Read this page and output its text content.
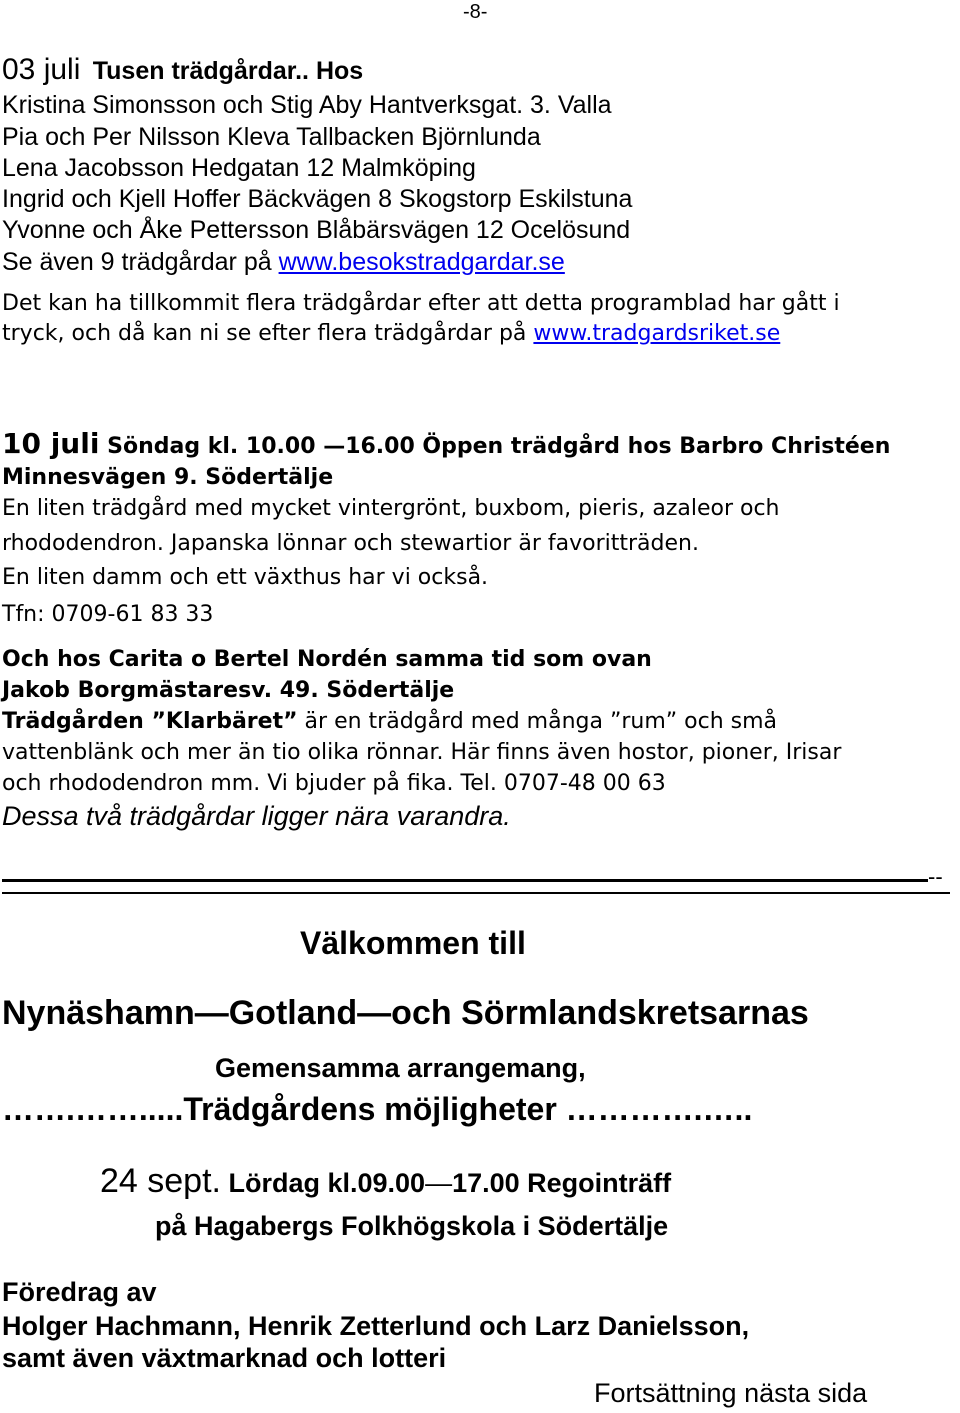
-8-
03 juli Tusen trädgårdar.. Hos
Kristina Simonsson och Stig Aby Hantverksgat. 3. Valla
Pia och Per Nilsson Kleva Tallbacken Björnlunda
Lena Jacobsson Hedgatan 12 Malmköping
Ingrid och Kjell Hoffer Bäckvägen 8 Skogstorp Eskilstuna
Yvonne och Åke Pettersson Blåbärsvägen 12 Ocelösund
Se även 9 trädgårdar på www.besokstradgardar.se
Det kan ha tillkommit flera trädgårdar efter att detta programblad har gått i
tryck, och då kan ni se efter flera trädgårdar på www.tradgardsriket.se
10 juli Söndag kl. 10.00 —16.00 Öppen trädgård hos Barbro Christéen
Minnesvägen 9. Södertälje
En liten trädgård med mycket vintergrönt, buxbom, pieris, azaleor och
rhododendron. Japanska lönnar och stewartior är favoritträden.
En liten damm och ett växthus har vi också.
Tfn: 0709-61 83 33
Och hos Carita o Bertel Nordén samma tid som ovan
Jakob Borgmästaresv. 49. Södertälje
Trädgården ”Klarbäret” är en trädgård med många ”rum” och små
vattenblänk och mer än tio olika rönnar. Här finns även hostor, pioner, Irisar
och rhododendron mm. Vi bjuder på fika. Tel. 0707-48 00 63
Dessa två trädgårdar ligger nära varandra.
--
Välkommen till
Nynäshamn—Gotland—och Sörmlandskretsarnas
Gemensamma arrangemang,
…….…….....Trädgårdens möjligheter ………….…..
24 sept. Lördag kl.09.00—17.00 Regointräff
på Hagabergs Folkhögskola i Södertälje
Föredrag av
Holger Hachmann, Henrik Zetterlund och Larz Danielsson,
samt även växtmarknad och lotteri
Fortsättning nästa sida
